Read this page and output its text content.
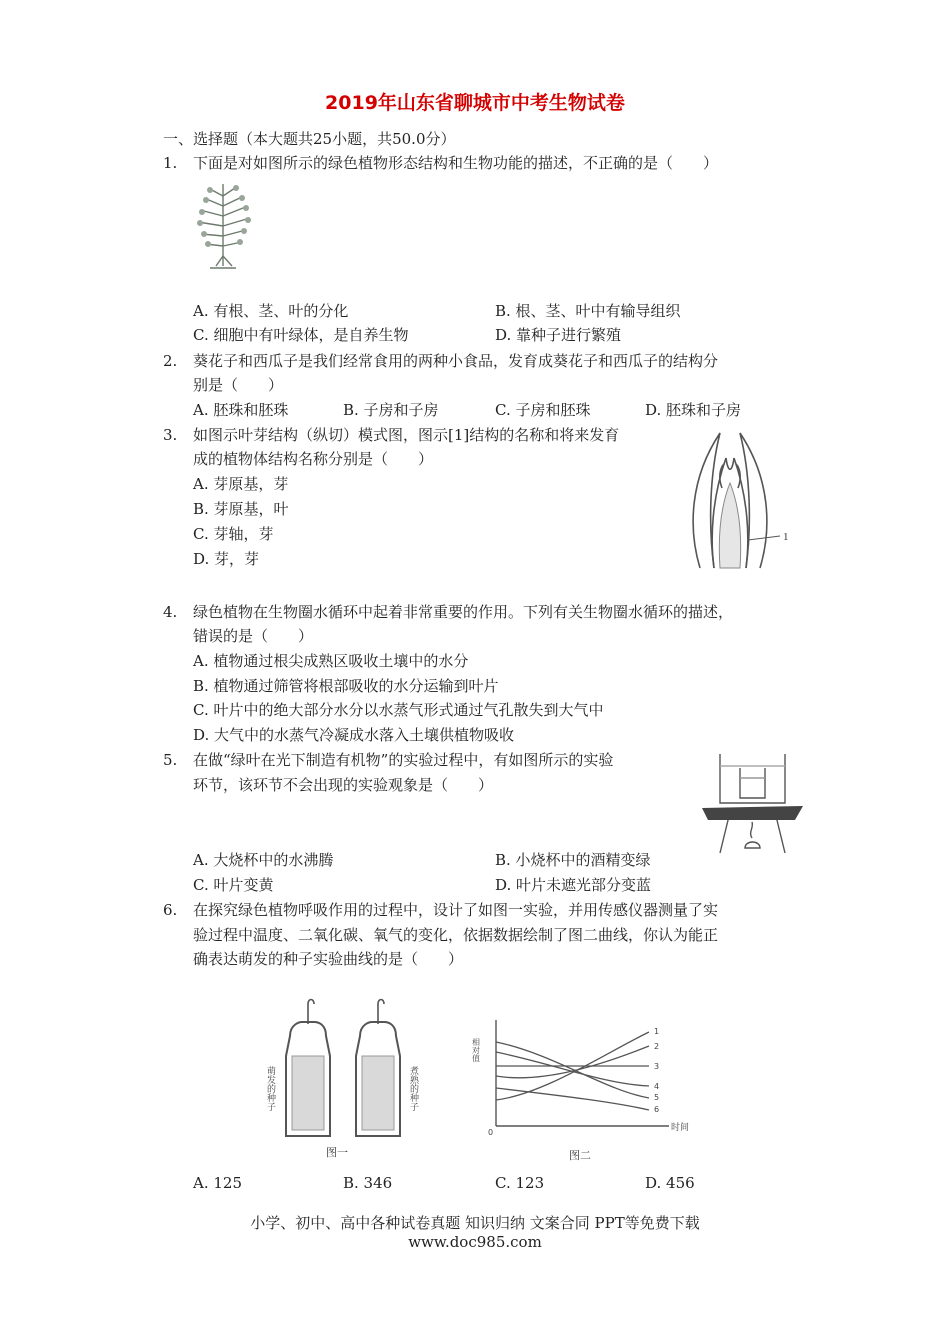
2019年山东省聊城市中考生物试卷
一、选择题（本大题共25小题，共50.0分）
1. 下面是对如图所示的绿色植物形态结构和生物功能的描述，不正确的是（　　）
A. 有根、茎、叶的分化	B. 根、茎、叶中有输导组织
C. 细胞中有叶绿体，是自养生物	D. 靠种子进行繁殖
2. 葵花子和西瓜子是我们经常食用的两种小食品，发育成葵花子和西瓜子的结构分
别是（　　）
A. 胚珠和胚珠	B. 子房和子房	C. 子房和胚珠	D. 胚珠和子房
3. 如图示叶芽结构（纵切）模式图，图示[1]结构的名称和将来发育
成的植物体结构名称分别是（　　）
A. 芽原基，芽
B. 芽原基，叶
C. 芽轴，芽
D. 芽，芽
1
4. 绿色植物在生物圈水循环中起着非常重要的作用。下列有关生物圈水循环的描述，
错误的是（　　）
A. 植物通过根尖成熟区吸收土壤中的水分
B. 植物通过筛管将根部吸收的水分运输到叶片
C. 叶片中的绝大部分水分以水蒸气形式通过气孔散失到大气中
D. 大气中的水蒸气冷凝成水落入土壤供植物吸收
5. 在做“绿叶在光下制造有机物”的实验过程中，有如图所示的实验
环节，该环节不会出现的实验观象是（　　）
A. 大烧杯中的水沸腾	B. 小烧杯中的酒精变绿
C. 叶片变黄	D. 叶片未遮光部分变蓝
6. 在探究绿色植物呼吸作用的过程中，设计了如图一实验，并用传感仪器测量了实
验过程中温度、二氧化碳、氧气的变化，依据数据绘制了图二曲线，你认为能正
确表达萌发的种子实验曲线的是（　　）
萌发的种子	煮熟的种子
图一
相对值
时间
0
1
2
3
4
5
6
图二
A. 125	B. 346	C. 123	D. 456
小学、初中、高中各种试卷真题 知识归纳 文案合同 PPT等免费下载
www.doc985.com
